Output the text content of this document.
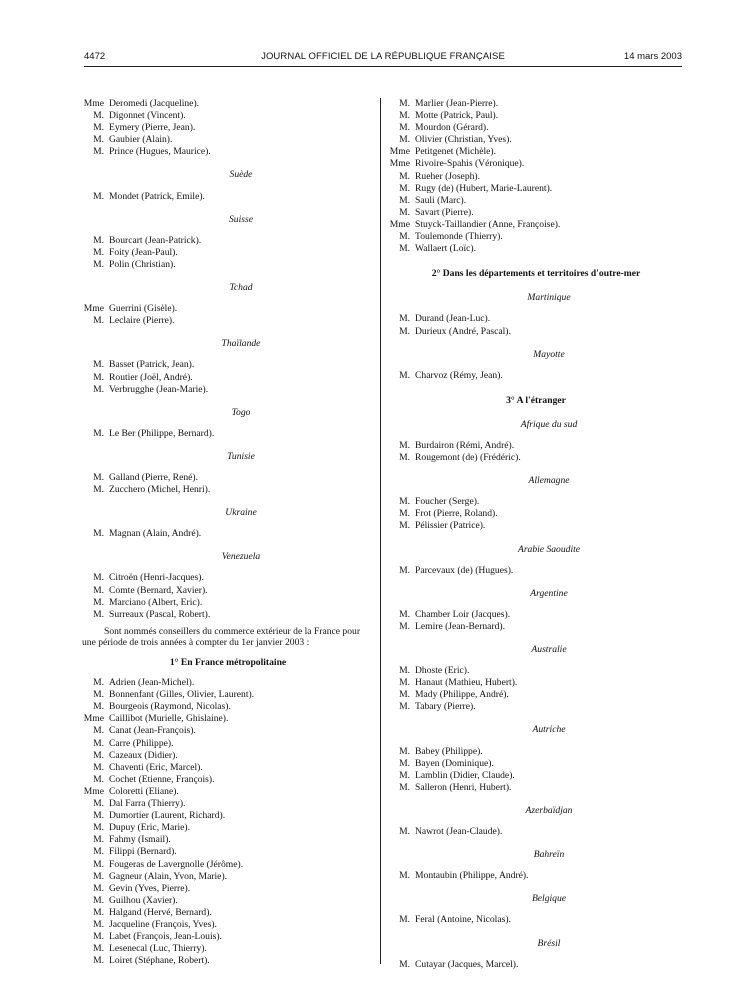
4472	JOURNAL OFFICIEL DE LA RÉPUBLIQUE FRANÇAISE	14 mars 2003
Mme Deromedi (Jacqueline).
M. Digonnet (Vincent).
M. Eymery (Pierre, Jean).
M. Gaubier (Alain).
M. Prince (Hugues, Maurice).
Suède
M. Mondet (Patrick, Emile).
Suisse
M. Bourcart (Jean-Patrick).
M. Foity (Jean-Paul).
M. Polin (Christian).
Tchad
Mme Guerrini (Gisèle).
M. Leclaire (Pierre).
Thaïlande
M. Basset (Patrick, Jean).
M. Routier (Joël, André).
M. Verbrugghe (Jean-Marie).
Togo
M. Le Ber (Philippe, Bernard).
Tunisie
M. Galland (Pierre, René).
M. Zucchero (Michel, Henri).
Ukraine
M. Magnan (Alain, André).
Venezuela
M. Citroën (Henri-Jacques).
M. Comte (Bernard, Xavier).
M. Marciano (Albert, Eric).
M. Surreaux (Pascal, Robert).
Sont nommés conseillers du commerce extérieur de la France pour une période de trois années à compter du 1er janvier 2003 :
1° En France métropolitaine
M. Adrien (Jean-Michel).
M. Bonnenfant (Gilles, Olivier, Laurent).
M. Bourgeois (Raymond, Nicolas).
Mme Caillibot (Murielle, Ghislaine).
M. Canat (Jean-François).
M. Carre (Philippe).
M. Cazeaux (Didier).
M. Chaventi (Eric, Marcel).
M. Cochet (Etienne, François).
Mme Coloretti (Eliane).
M. Dal Farra (Thierry).
M. Dumortier (Laurent, Richard).
M. Dupuy (Eric, Marie).
M. Fahmy (Ismail).
M. Filippi (Bernard).
M. Fougeras de Lavergnolle (Jérôme).
M. Gagneur (Alain, Yvon, Marie).
M. Gevin (Yves, Pierre).
M. Guilhou (Xavier).
M. Halgand (Hervé, Bernard).
M. Jacqueline (François, Yves).
M. Labet (François, Jean-Louis).
M. Lesenecal (Luc, Thierry).
M. Loiret (Stéphane, Robert).
M. Marlier (Jean-Pierre).
M. Motte (Patrick, Paul).
M. Mourdon (Gérard).
M. Olivier (Christian, Yves).
Mme Petitgenet (Michèle).
Mme Rivoire-Spahis (Véronique).
M. Rueher (Joseph).
M. Rugy (de) (Hubert, Marie-Laurent).
M. Sauli (Marc).
M. Savart (Pierre).
Mme Stuyck-Taillandier (Anne, Françoise).
M. Toulemonde (Thierry).
M. Wallaert (Loïc).
2° Dans les départements et territoires d'outre-mer
Martinique
M. Durand (Jean-Luc).
M. Durieux (André, Pascal).
Mayotte
M. Charvoz (Rémy, Jean).
3° A l'étranger
Afrique du sud
M. Burdairon (Rémi, André).
M. Rougemont (de) (Frédéric).
Allemagne
M. Foucher (Serge).
M. Frot (Pierre, Roland).
M. Pélissier (Patrice).
Arabie Saoudite
M. Parcevaux (de) (Hugues).
Argentine
M. Chamber Loir (Jacques).
M. Lemire (Jean-Bernard).
Australie
M. Dhoste (Eric).
M. Hanaut (Mathieu, Hubert).
M. Mady (Philippe, André).
M. Tabary (Pierre).
Autriche
M. Babey (Philippe).
M. Bayen (Dominique).
M. Lamblin (Didier, Claude).
M. Salleron (Henri, Hubert).
Azerbaïdjan
M. Nawrot (Jean-Claude).
Bahreïn
M. Montaubin (Philippe, André).
Belgique
M. Feral (Antoine, Nicolas).
Brésil
M. Cutayar (Jacques, Marcel).
